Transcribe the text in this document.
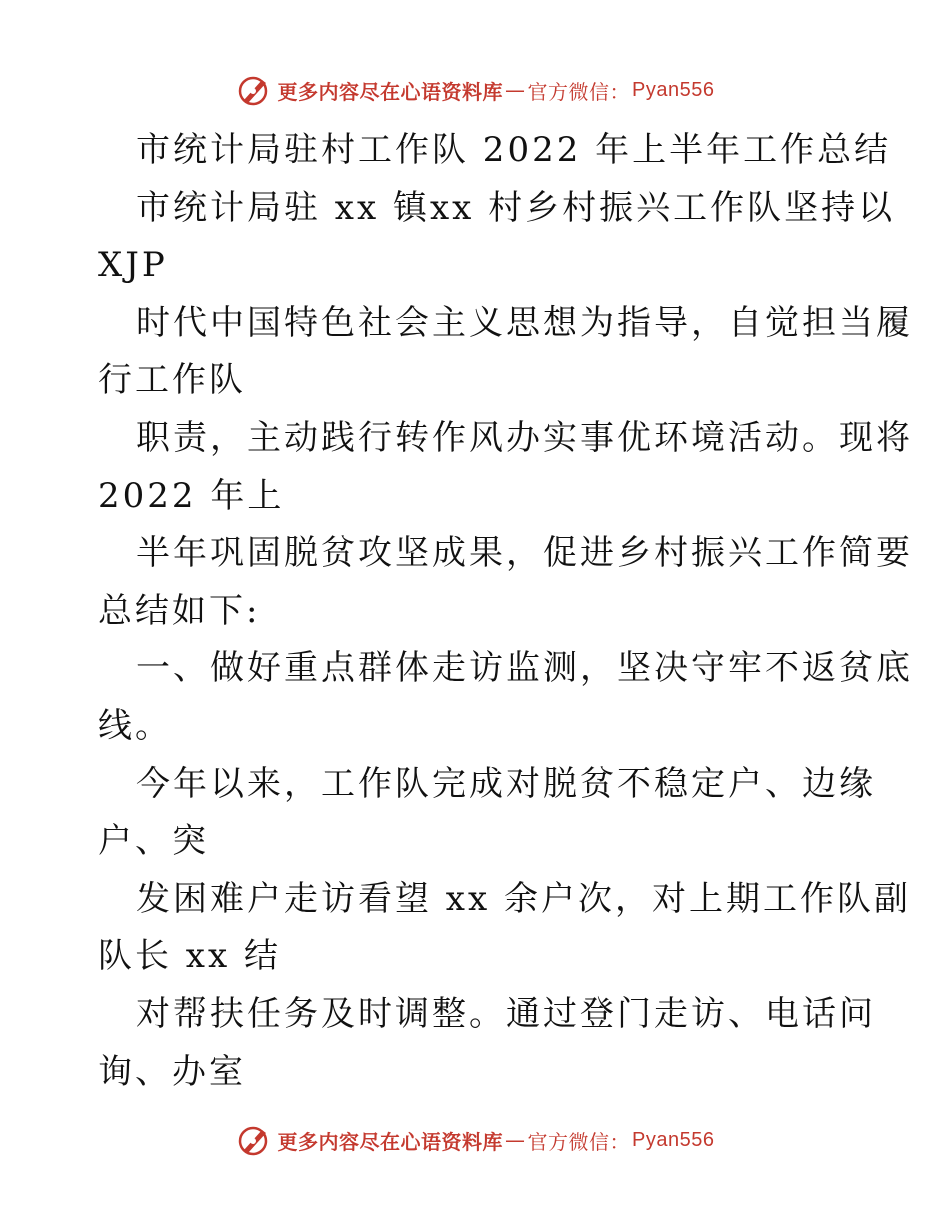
更多内容尽在心语资料库 — 官方微信： Pyan556
市统计局驻村工作队 2022 年上半年工作总结
市统计局驻 xx 镇xx 村乡村振兴工作队坚持以
XJP
时代中国特色社会主义思想为指导，自觉担当履
行工作队
职责，主动践行转作风办实事优环境活动。现将
2022 年上
半年巩固脱贫攻坚成果，促进乡村振兴工作简要
总结如下:
一、做好重点群体走访监测，坚决守牢不返贫底
线。
今年以来，工作队完成对脱贫不稳定户、边缘
户、突
发困难户走访看望 xx 余户次，对上期工作队副
队长 xx 结
对帮扶任务及时调整。通过登门走访、电话问
询、办室
更多内容尽在心语资料库 — 官方微信： Pyan556
